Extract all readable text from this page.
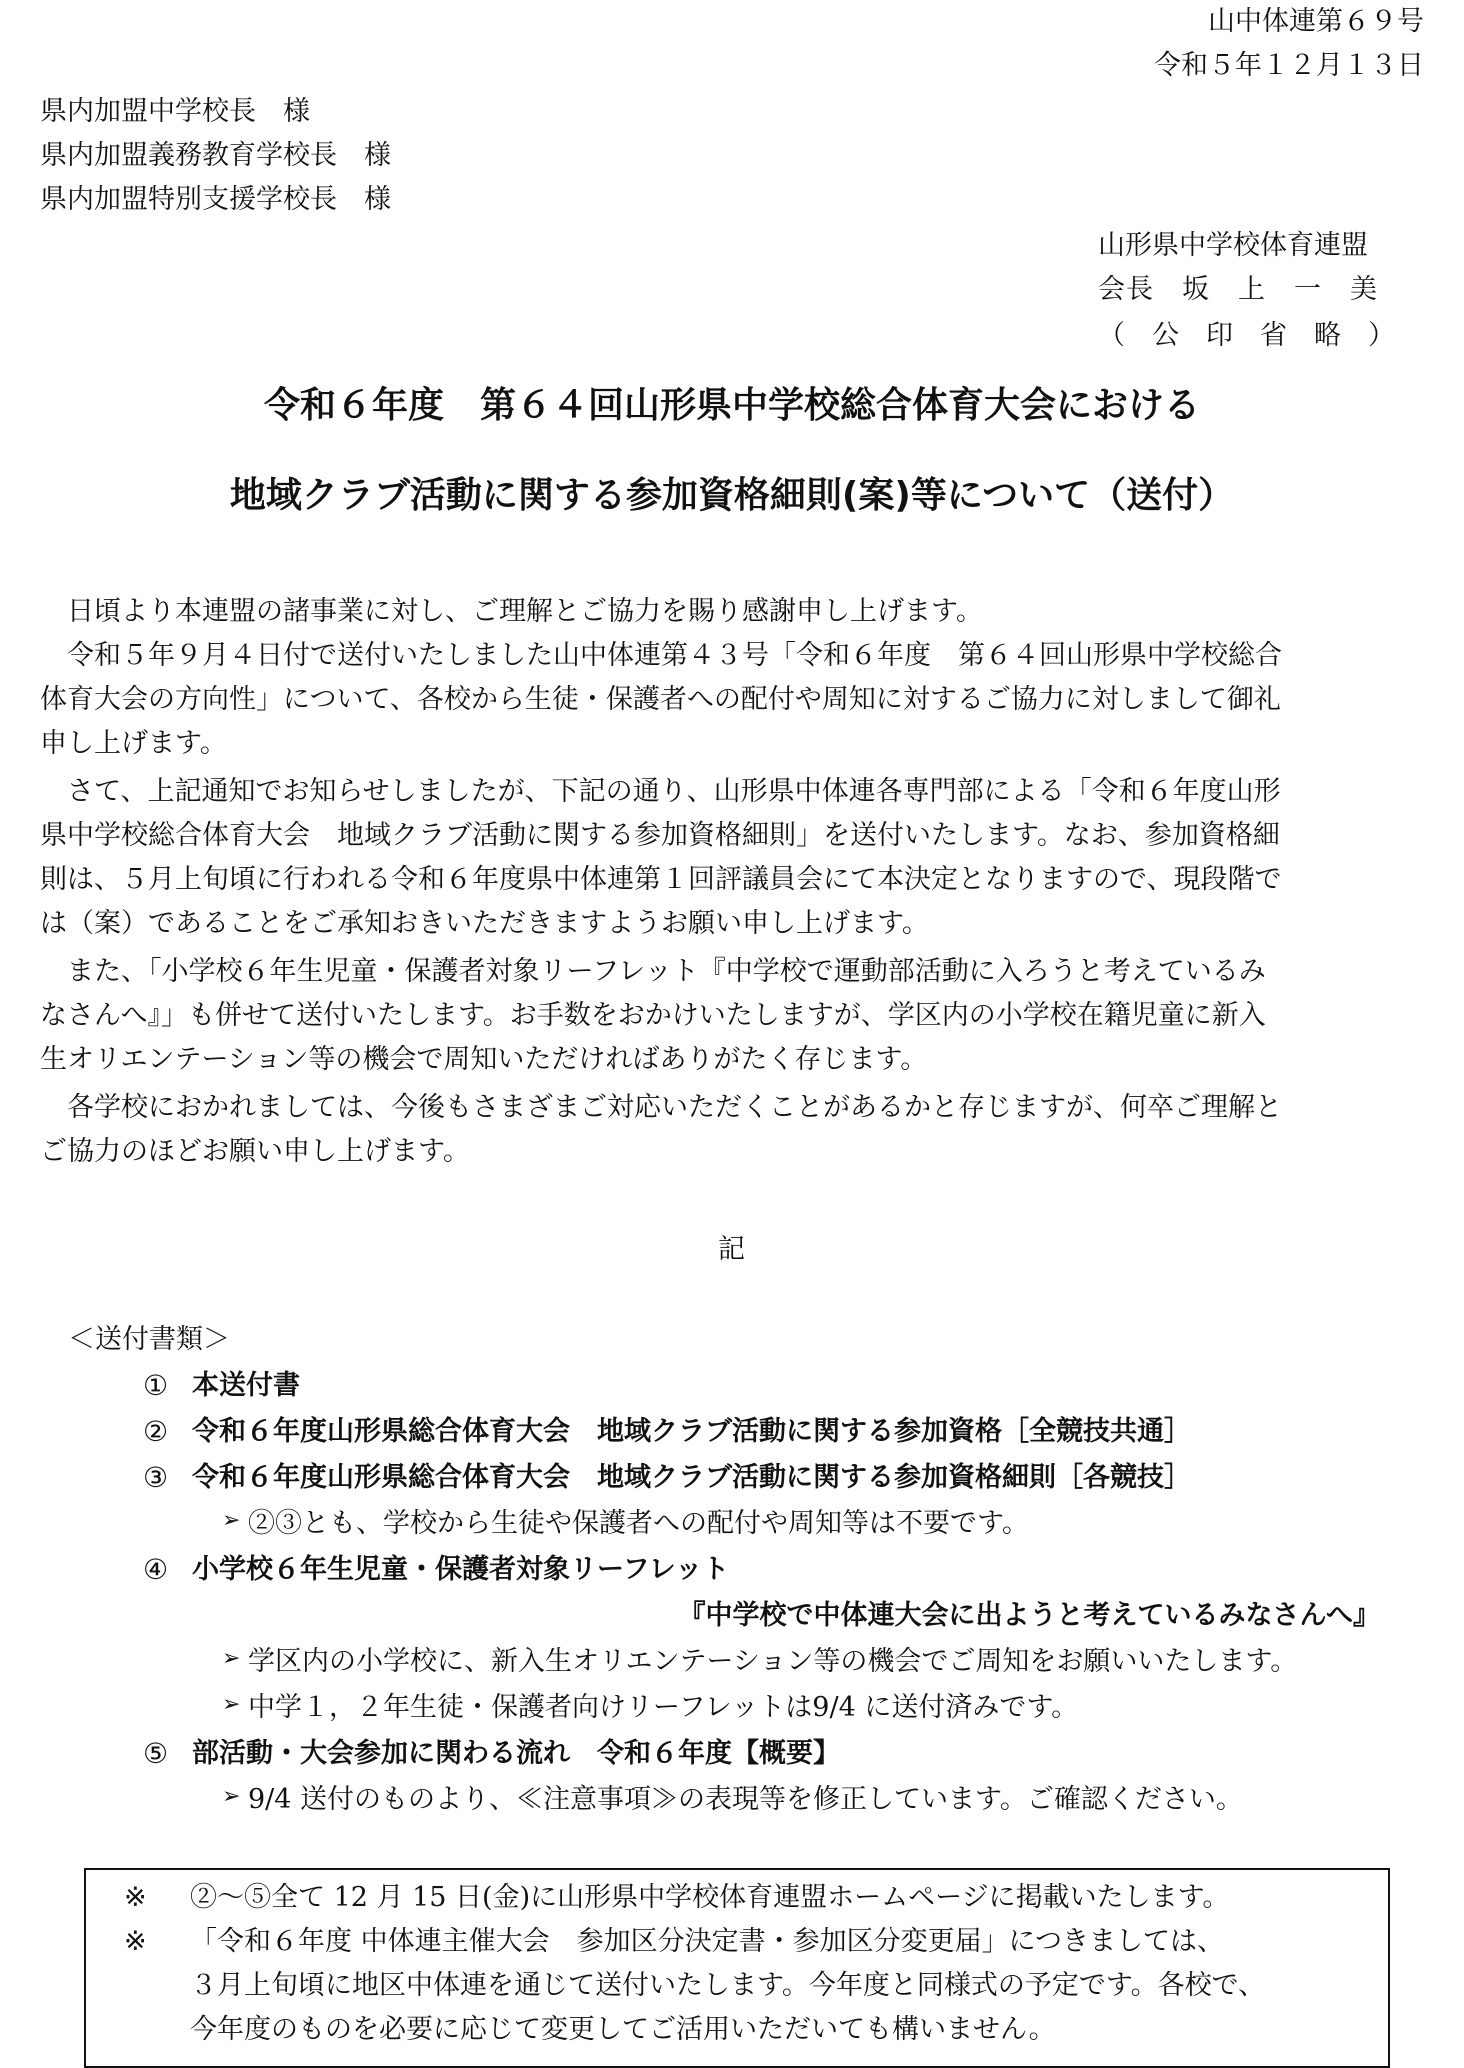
山中体連第６９号
令和５年１２月１３日
県内加盟中学校長　様
県内加盟義務教育学校長　様
県内加盟特別支援学校長　様
山形県中学校体育連盟
会長　坂　上　一　美
（　公　印　省　略　）
令和６年度　第６４回山形県中学校総合体育大会における
地域クラブ活動に関する参加資格細則(案)等について（送付）
　日頃より本連盟の諸事業に対し、ご理解とご協力を賜り感謝申し上げます。
　令和５年９月４日付で送付いたしました山中体連第４３号「令和６年度　第６４回山形県中学校総合
体育大会の方向性」について、各校から生徒・保護者への配付や周知に対するご協力に対しまして御礼
申し上げます。
　さて、上記通知でお知らせしましたが、下記の通り、山形県中体連各専門部による「令和６年度山形
県中学校総合体育大会　地域クラブ活動に関する参加資格細則」を送付いたします。なお、参加資格細
則は、５月上旬頃に行われる令和６年度県中体連第１回評議員会にて本決定となりますので、現段階で
は（案）であることをご承知おきいただきますようお願い申し上げます。
　また、「小学校６年生児童・保護者対象リーフレット『中学校で運動部活動に入ろうと考えているみ
なさんへ』」も併せて送付いたします。お手数をおかけいたしますが、学区内の小学校在籍児童に新入
生オリエンテーション等の機会で周知いただければありがたく存じます。
　各学校におかれましては、今後もさまざまご対応いただくことがあるかと存じますが、何卒ご理解と
ご協力のほどお願い申し上げます。
記
＜送付書類＞
① 本送付書
② 令和６年度山形県総合体育大会　地域クラブ活動に関する参加資格［全競技共通］
③ 令和６年度山形県総合体育大会　地域クラブ活動に関する参加資格細則［各競技］
➢ ②③とも、学校から生徒や保護者への配付や周知等は不要です。
④ 小学校６年生児童・保護者対象リーフレット
『中学校で中体連大会に出ようと考えているみなさんへ』
➢ 学区内の小学校に、新入生オリエンテーション等の機会でご周知をお願いいたします。
➢ 中学１，２年生徒・保護者向けリーフレットは9/4 に送付済みです。
⑤ 部活動・大会参加に関わる流れ　令和６年度【概要】
➢ 9/4 送付のものより、≪注意事項≫の表現等を修正しています。ご確認ください。
※ ②～⑤全て 12 月 15 日(金)に山形県中学校体育連盟ホームページに掲載いたします。
※ 「令和６年度 中体連主催大会　参加区分決定書・参加区分変更届」につきましては、
３月上旬頃に地区中体連を通じて送付いたします。今年度と同様式の予定です。各校で、
今年度のものを必要に応じて変更してご活用いただいても構いません。
